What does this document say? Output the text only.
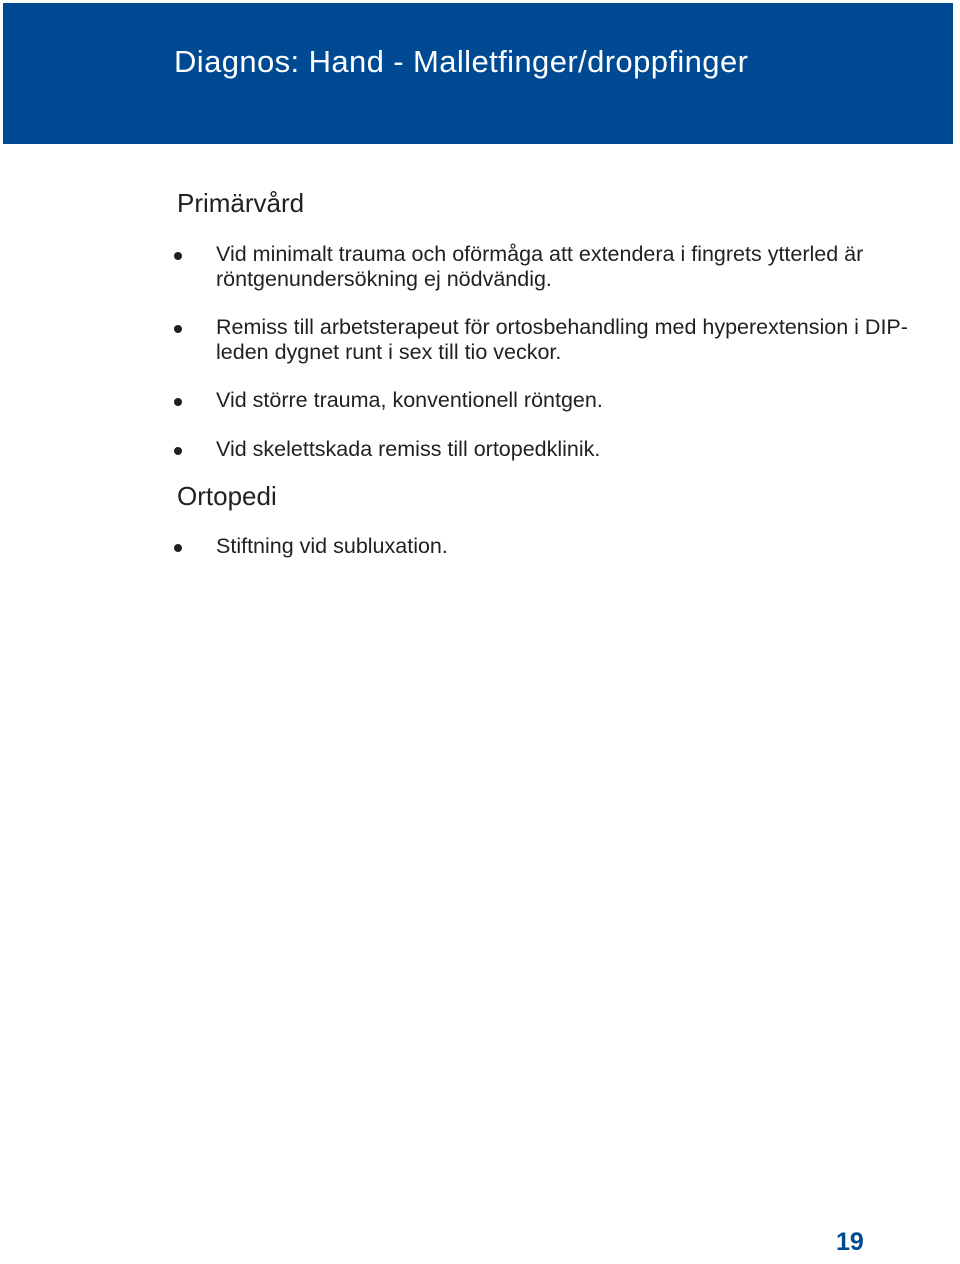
Diagnos: Hand - Malletfinger/droppfinger
Primärvård
Vid minimalt trauma och oförmåga att extendera i fingrets ytterled är röntgenundersökning ej nödvändig.
Remiss till arbetsterapeut för ortosbehandling med hyperextension i DIP-leden dygnet runt i sex till tio veckor.
Vid större trauma, konventionell röntgen.
Vid skelettskada remiss till ortopedklinik.
Ortopedi
Stiftning vid subluxation.
19
